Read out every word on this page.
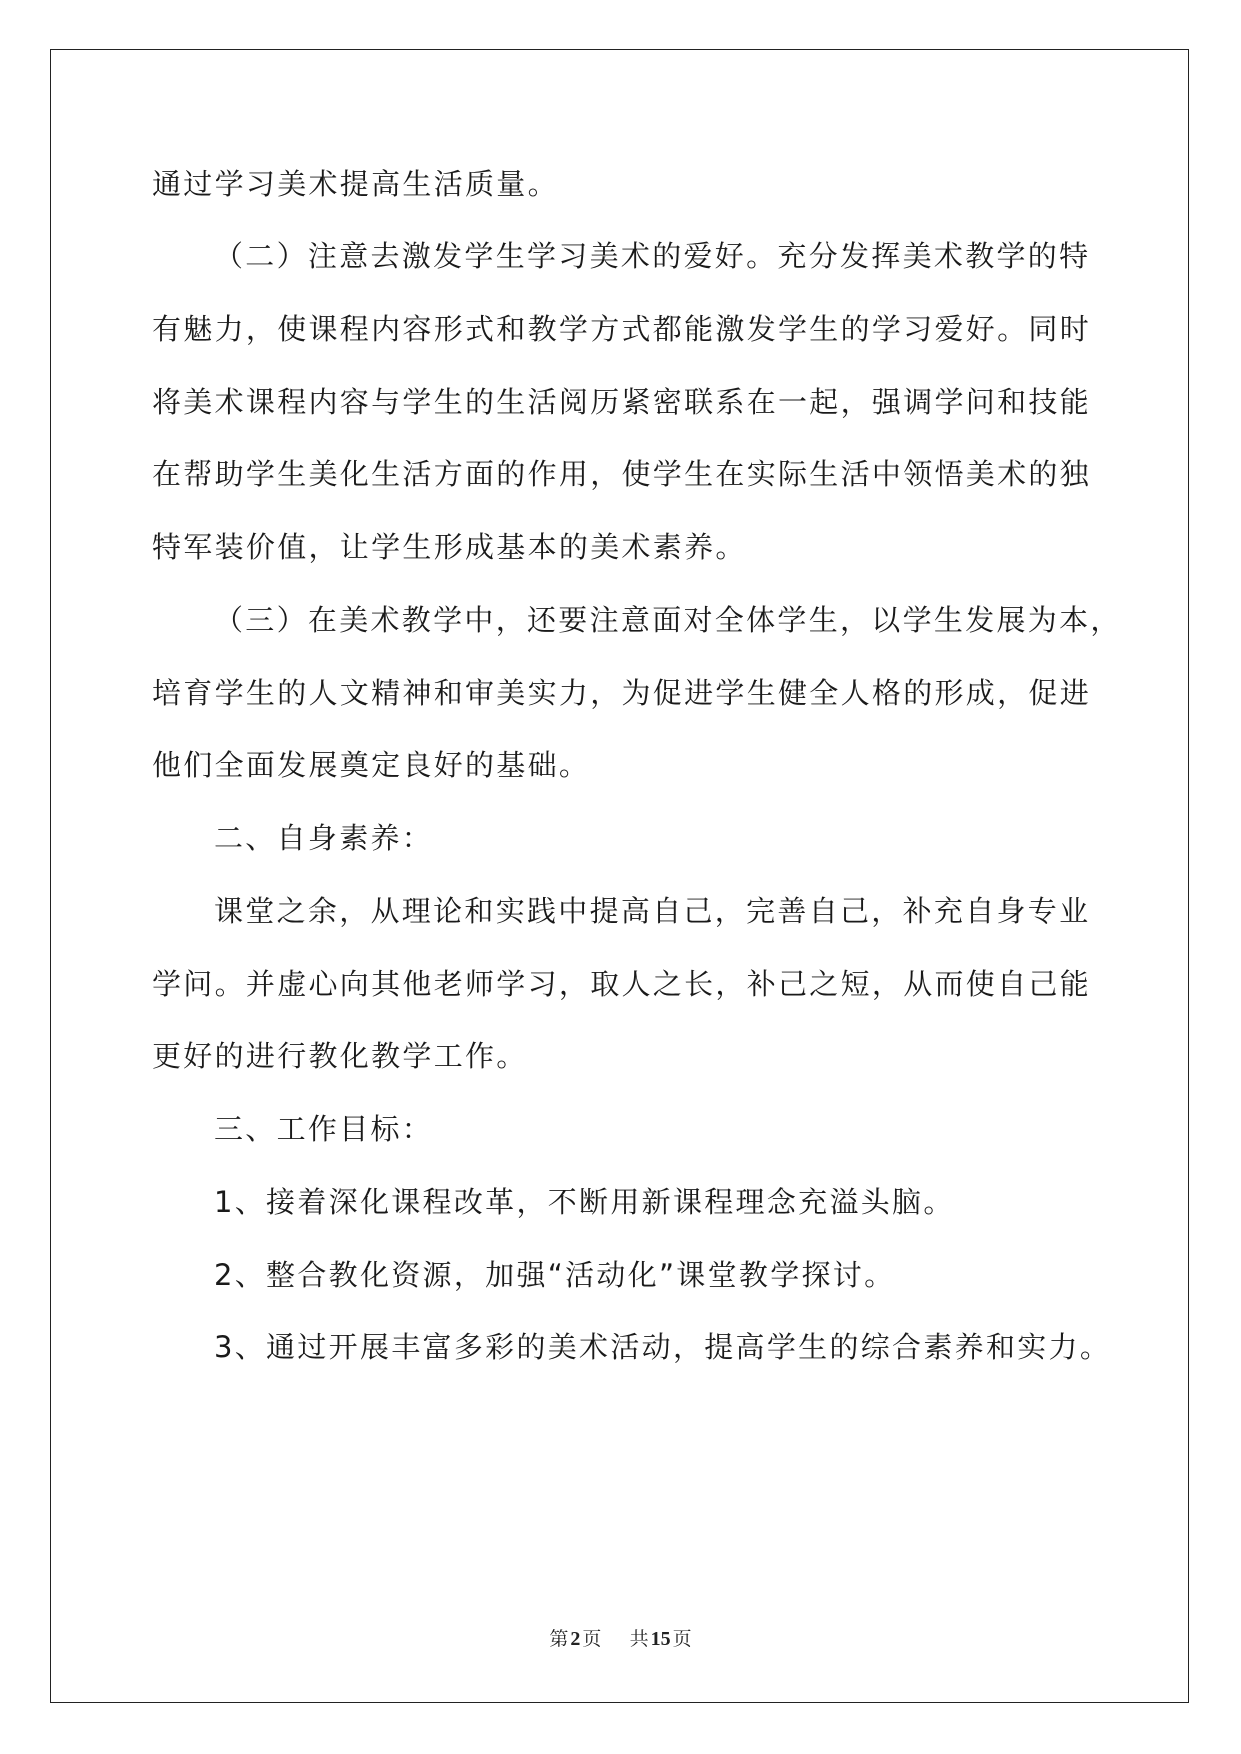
通过学习美术提高生活质量。
（二）注意去激发学生学习美术的爱好。充分发挥美术教学的特
有魅力，使课程内容形式和教学方式都能激发学生的学习爱好。同时
将美术课程内容与学生的生活阅历紧密联系在一起，强调学问和技能
在帮助学生美化生活方面的作用，使学生在实际生活中领悟美术的独
特军装价值，让学生形成基本的美术素养。
（三）在美术教学中，还要注意面对全体学生，以学生发展为本，
培育学生的人文精神和审美实力，为促进学生健全人格的形成，促进
他们全面发展奠定良好的基础。
二、自身素养：
课堂之余，从理论和实践中提高自己，完善自己，补充自身专业
学问。并虚心向其他老师学习，取人之长，补己之短，从而使自己能
更好的进行教化教学工作。
三、工作目标：
1、接着深化课程改革，不断用新课程理念充溢头脑。
2、整合教化资源，加强“活动化”课堂教学探讨。
3、通过开展丰富多彩的美术活动，提高学生的综合素养和实力。
第 2 页 共 15 页
